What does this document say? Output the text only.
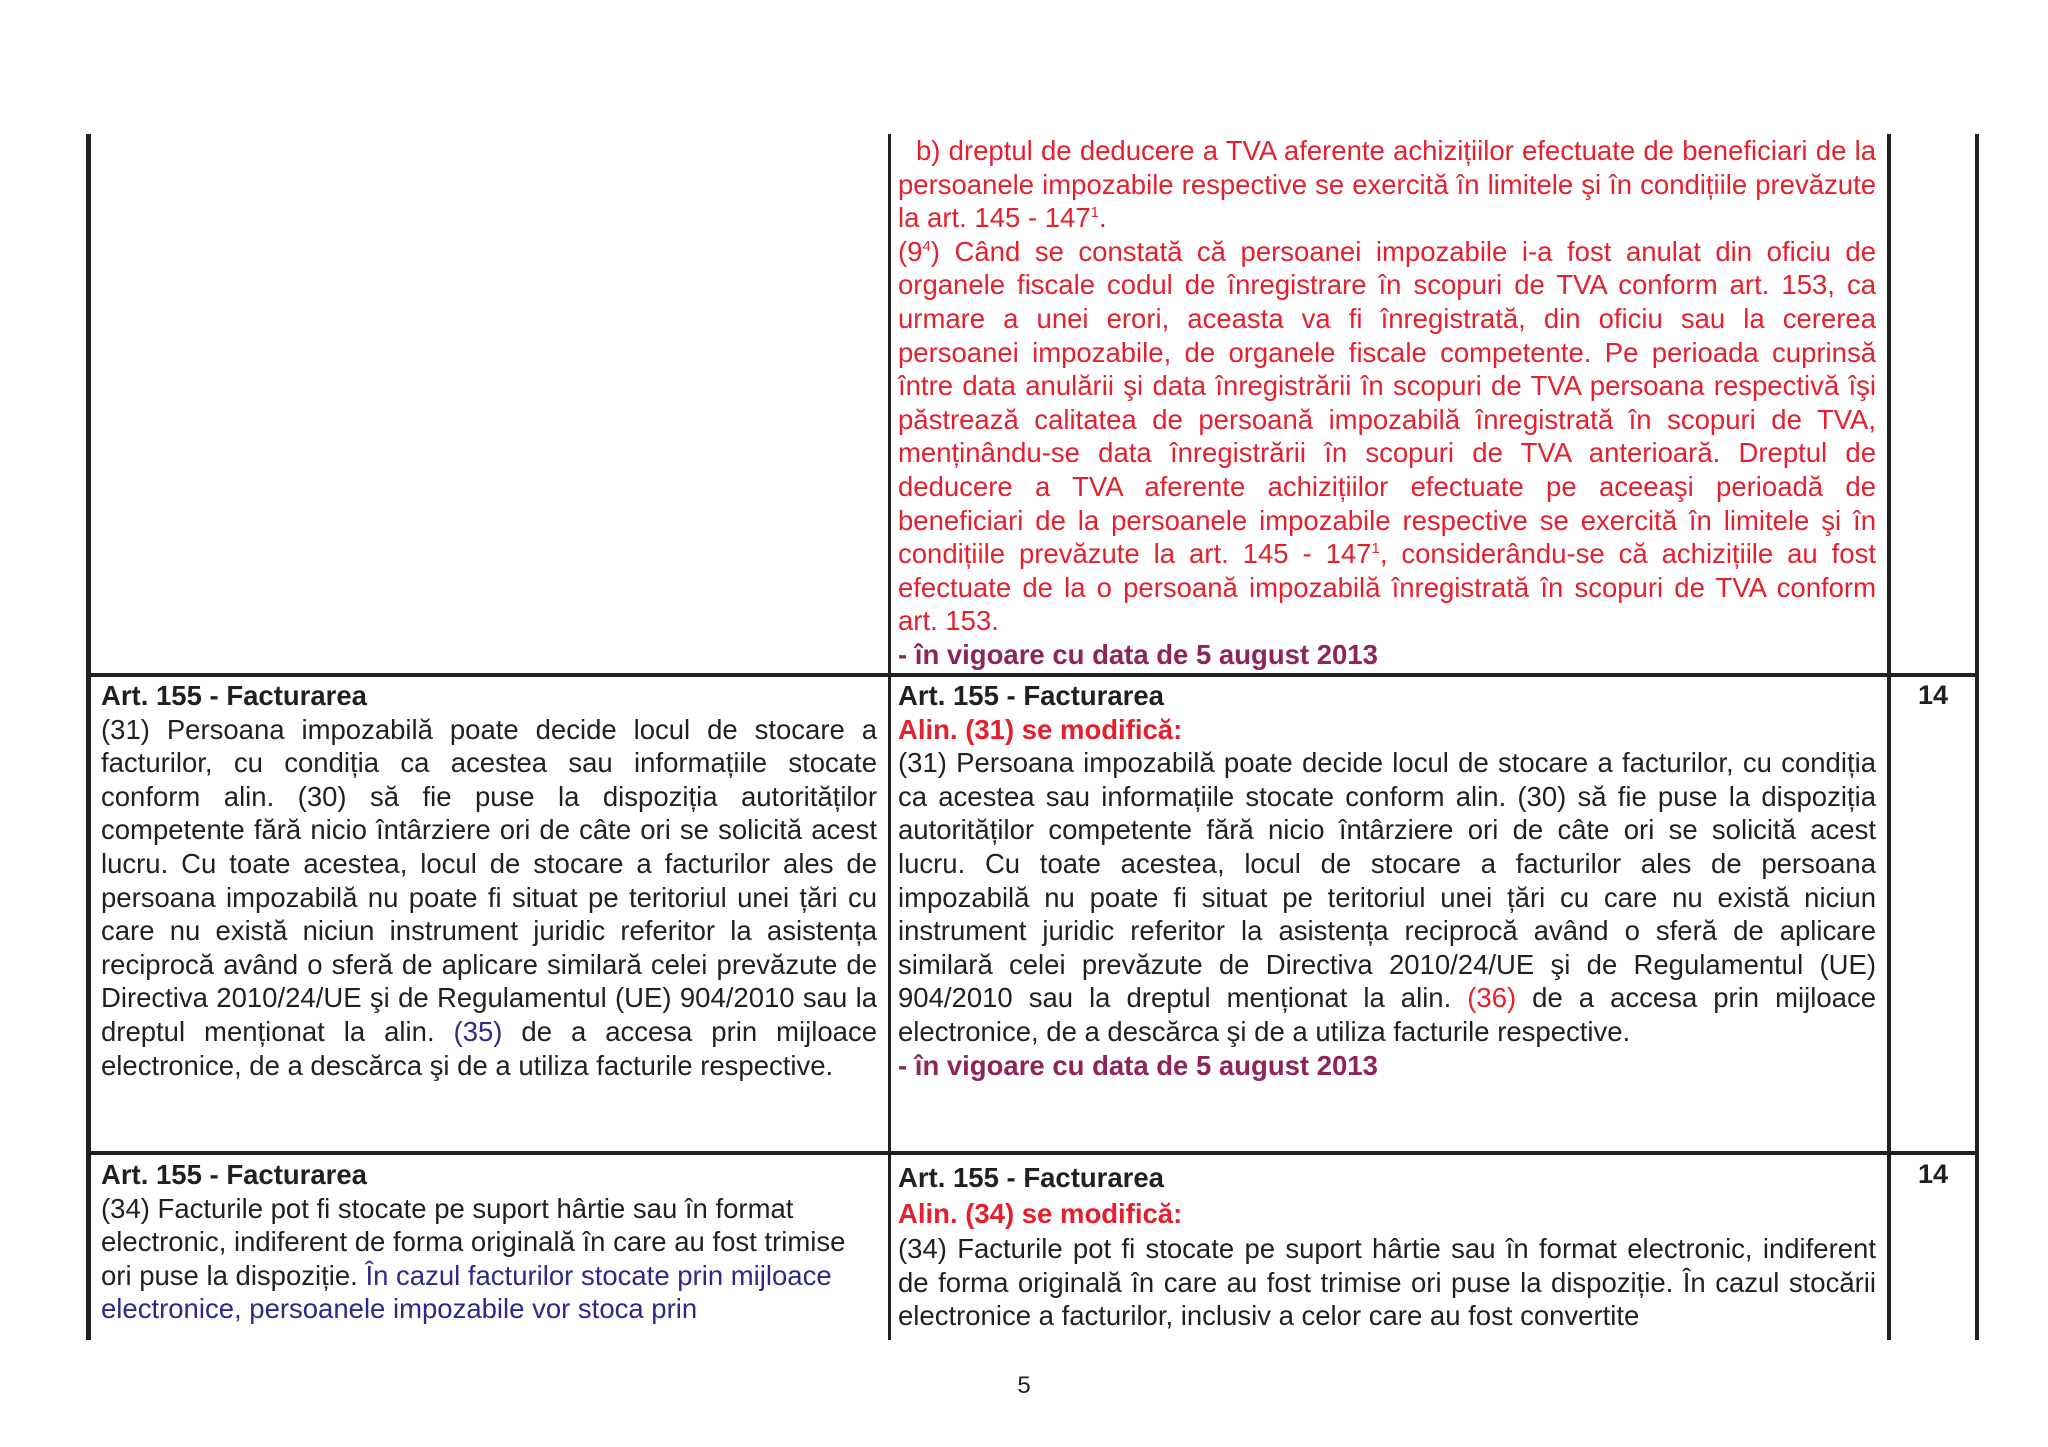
b) dreptul de deducere a TVA aferente achizițiilor efectuate de beneficiari de la persoanele impozabile respective se exercită în limitele şi în condițiile prevăzute la art. $145 - 147^1$.

$(9^4)$ Când se constată că persoanei impozabile i-a fost anulat din oficiu de organele fiscale codul de înregistrare în scopuri de TVA conform art. 153, ca urmare a unei erori, aceasta va fi înregistrată, din oficiu sau la cererea persoanei impozabile, de organele fiscale competente. Pe perioada cuprinsă între data anulării şi data înregistrării în scopuri de TVA persoana respectivă îşi păstrează calitatea de persoană impozabilă înregistrată în scopuri de TVA, menținându-se data înregistrării în scopuri de TVA anterioară. Dreptul de deducere a TVA aferente achizițiilor efectuate pe aceeaşi perioadă de beneficiari de la persoanele impozabile respective se exercită în limitele şi în condițiile prevăzute la art. $145 - 147^1$, considerându-se că achizițiile au fost efectuate de la o persoană impozabilă înregistrată în scopuri de TVA conform art. 153.

- în vigoare cu data de 5 august 2013

Art. 155 - Facturarea

(31) Persoana impozabilă poate decide locul de stocare a facturilor, cu condiția ca acestea sau informațiile stocate conform alin. (30) să fie puse la dispoziția autorităților competente fără nicio întârziere ori de câte ori se solicită acest lucru. Cu toate acestea, locul de stocare a facturilor ales de persoana impozabilă nu poate fi situat pe teritoriul unei țări cu care nu există niciun instrument juridic referitor la asistența reciprocă având o sferă de aplicare similară celei prevăzute de Directiva 2010/24/UE şi de Regulamentul (UE) 904/2010 sau la dreptul menționat la alin. (35) de a accesa prin mijloace electronice, de a descărca şi de a utiliza facturile respective.

Art. 155 - Facturarea

Alin. (31) se modifică:

(31) Persoana impozabilă poate decide locul de stocare a facturilor, cu condiția ca acestea sau informațiile stocate conform alin. (30) să fie puse la dispoziția autorităților competente fără nicio întârziere ori de câte ori se solicită acest lucru. Cu toate acestea, locul de stocare a facturilor ales de persoana impozabilă nu poate fi situat pe teritoriul unei țări cu care nu există niciun instrument juridic referitor la asistența reciprocă având o sferă de aplicare similară celei prevăzute de Directiva 2010/24/UE şi de Regulamentul (UE) 904/2010 sau la dreptul menționat la alin. (36) de a accesa prin mijloace electronice, de a descărca şi de a utiliza facturile respective.

- în vigoare cu data de 5 august 2013

14

Art. 155 - Facturarea

(34) Facturile pot fi stocate pe suport hârtie sau în format electronic, indiferent de forma originală în care au fost trimise ori puse la dispoziție. În cazul facturilor stocate prin mijloace electronice, persoanele impozabile vor stoca prin

Art. 155 - Facturarea

Alin. (34) se modifică:

(34) Facturile pot fi stocate pe suport hârtie sau în format electronic, indiferent de forma originală în care au fost trimise ori puse la dispoziție. În cazul stocării electronice a facturilor, inclusiv a celor care au fost convertite

14
5
